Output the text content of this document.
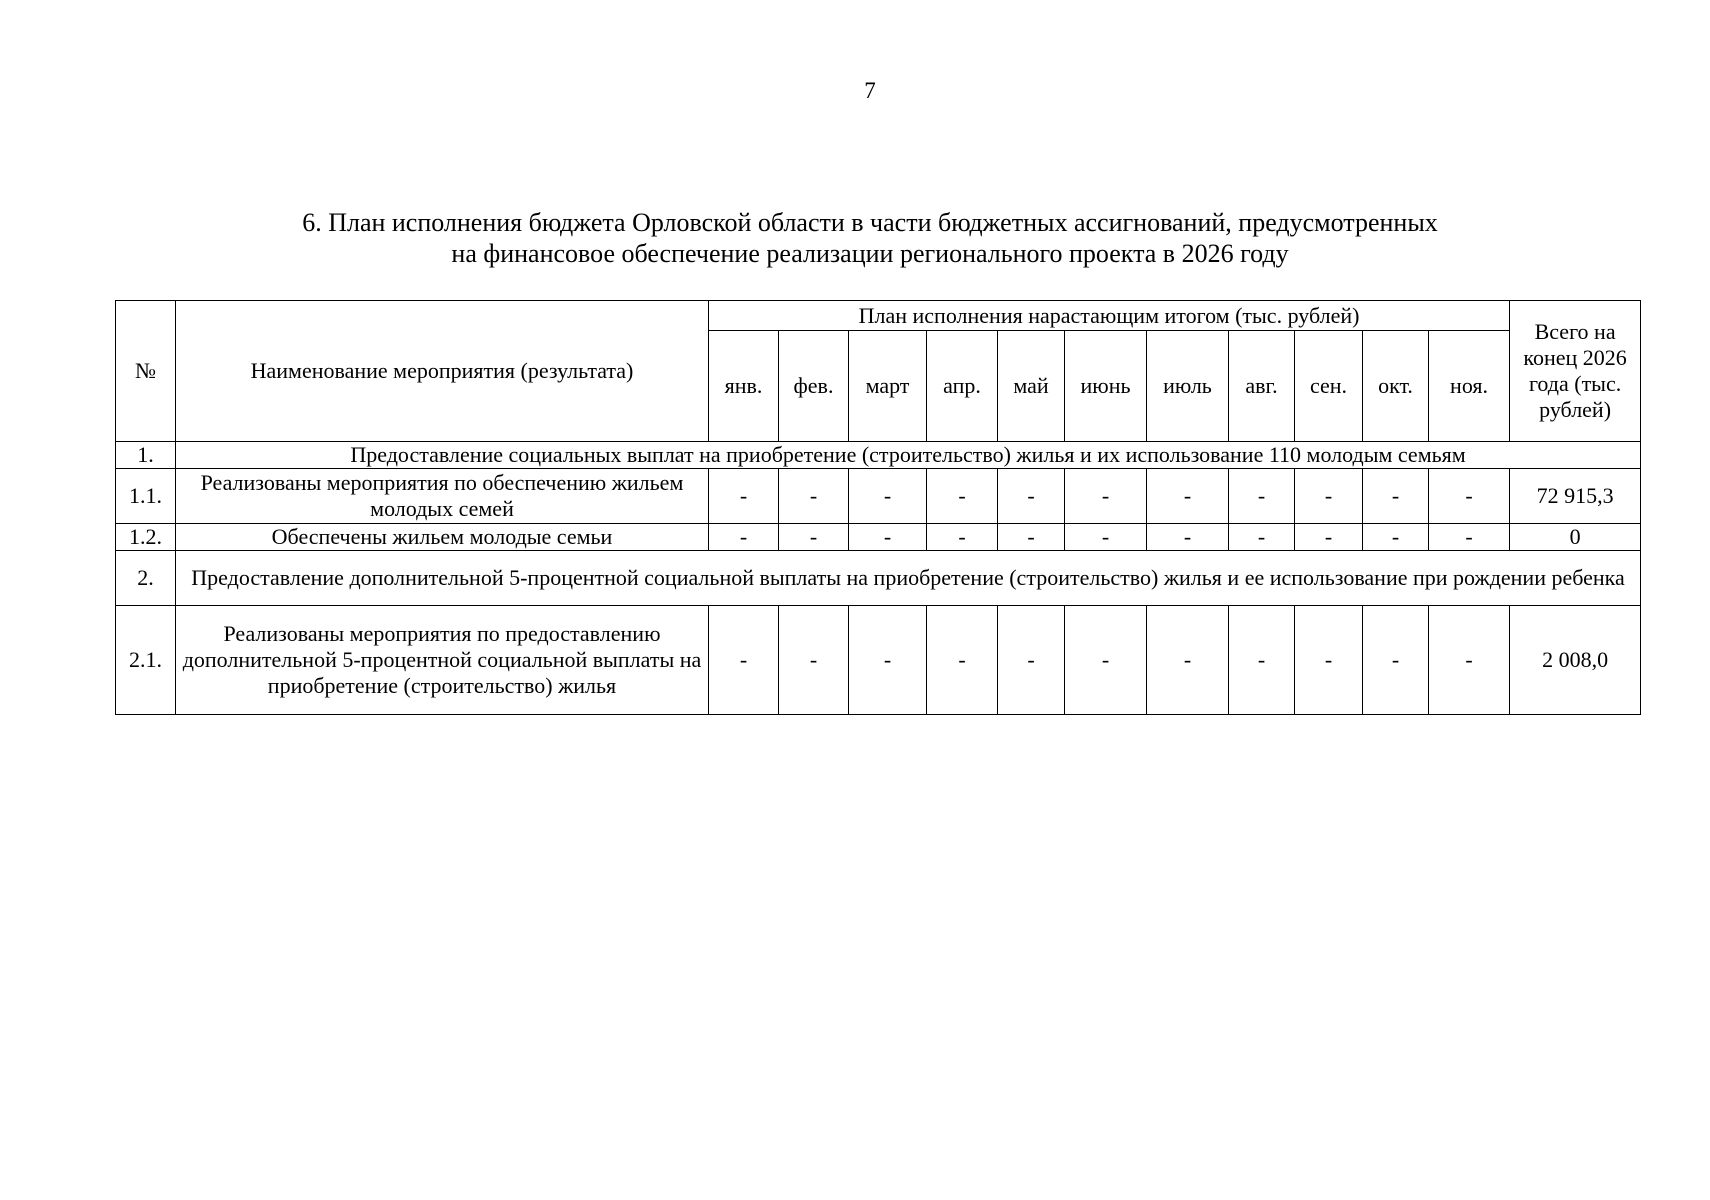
7
6. План исполнения бюджета Орловской области в части бюджетных ассигнований, предусмотренных
на финансовое обеспечение реализации регионального проекта в 2026 году
№	Наименование мероприятия (результата)	План исполнения нарастающим итогом (тыс. рублей)											Всего на конец 2026 года (тыс. рублей)
		янв.	фев.	март	апр.	май	июнь	июль	авг.	сен.	окт.	ноя.	
1.	Предоставление социальных выплат на приобретение (строительство) жилья и их использование 110 молодым семьям												
1.1.	Реализованы мероприятия по обеспечению жильем молодых семей	-	-	-	-	-	-	-	-	-	-	-	72 915,3
1.2.	Обеспечены жильем молодые семьи	-	-	-	-	-	-	-	-	-	-	-	0
2.	Предоставление дополнительной 5-процентной социальной выплаты на приобретение (строительство) жилья и ее использование при рождении ребенка												
2.1.	Реализованы мероприятия по предоставлению дополнительной 5-процентной социальной выплаты на приобретение (строительство) жилья	-	-	-	-	-	-	-	-	-	-	-	2 008,0
